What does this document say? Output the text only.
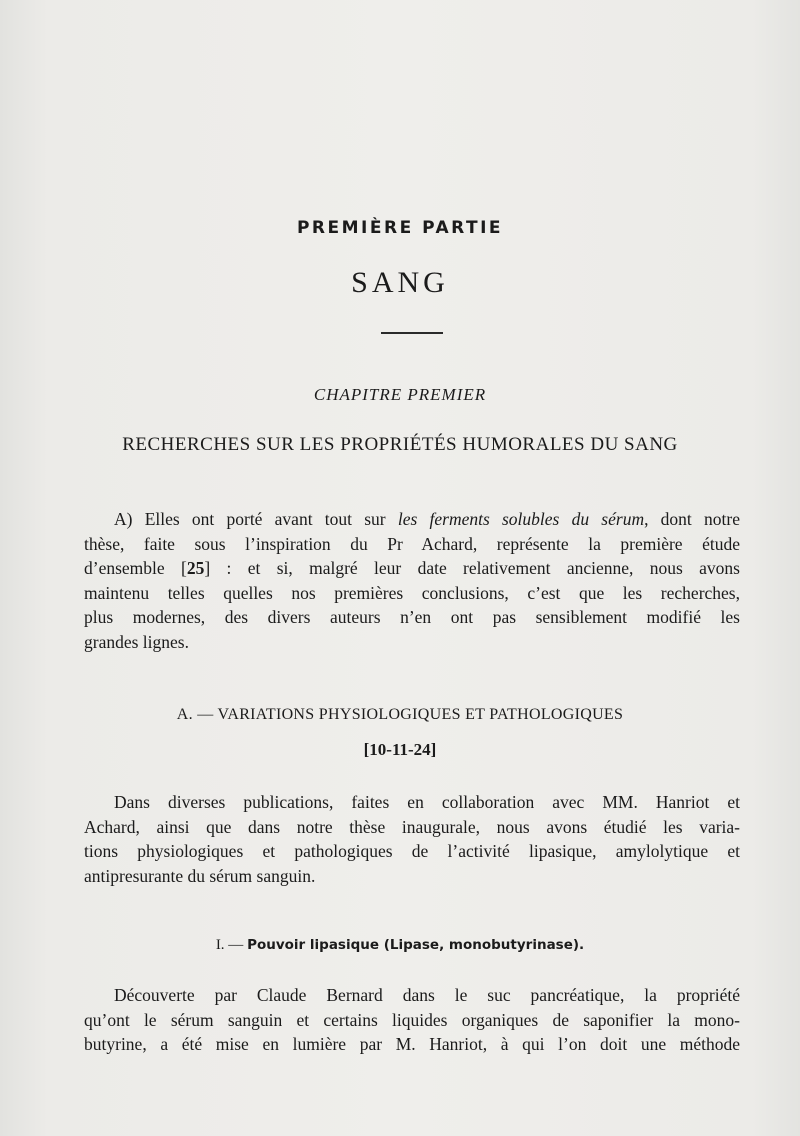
PREMIÈRE PARTIE
SANG
CHAPITRE PREMIER
RECHERCHES SUR LES PROPRIÉTÉS HUMORALES DU SANG
A) Elles ont porté avant tout sur les ferments solubles du sérum, dont notre
thèse, faite sous l’inspiration du Pr Achard, représente la première étude
d’ensemble [25] : et si, malgré leur date relativement ancienne, nous avons
maintenu telles quelles nos premières conclusions, c’est que les recherches,
plus modernes, des divers auteurs n’en ont pas sensiblement modifié les
grandes lignes.
A. — VARIATIONS PHYSIOLOGIQUES ET PATHOLOGIQUES
[10-11-24]
Dans diverses publications, faites en collaboration avec MM. Hanriot et
Achard, ainsi que dans notre thèse inaugurale, nous avons étudié les varia-
tions physiologiques et pathologiques de l’activité lipasique, amylolytique et
antipresurante du sérum sanguin.
I. — Pouvoir lipasique (Lipase, monobutyrinase).
Découverte par Claude Bernard dans le suc pancréatique, la propriété
qu’ont le sérum sanguin et certains liquides organiques de saponifier la mono-
butyrine, a été mise en lumière par M. Hanriot, à qui l’on doit une méthode
